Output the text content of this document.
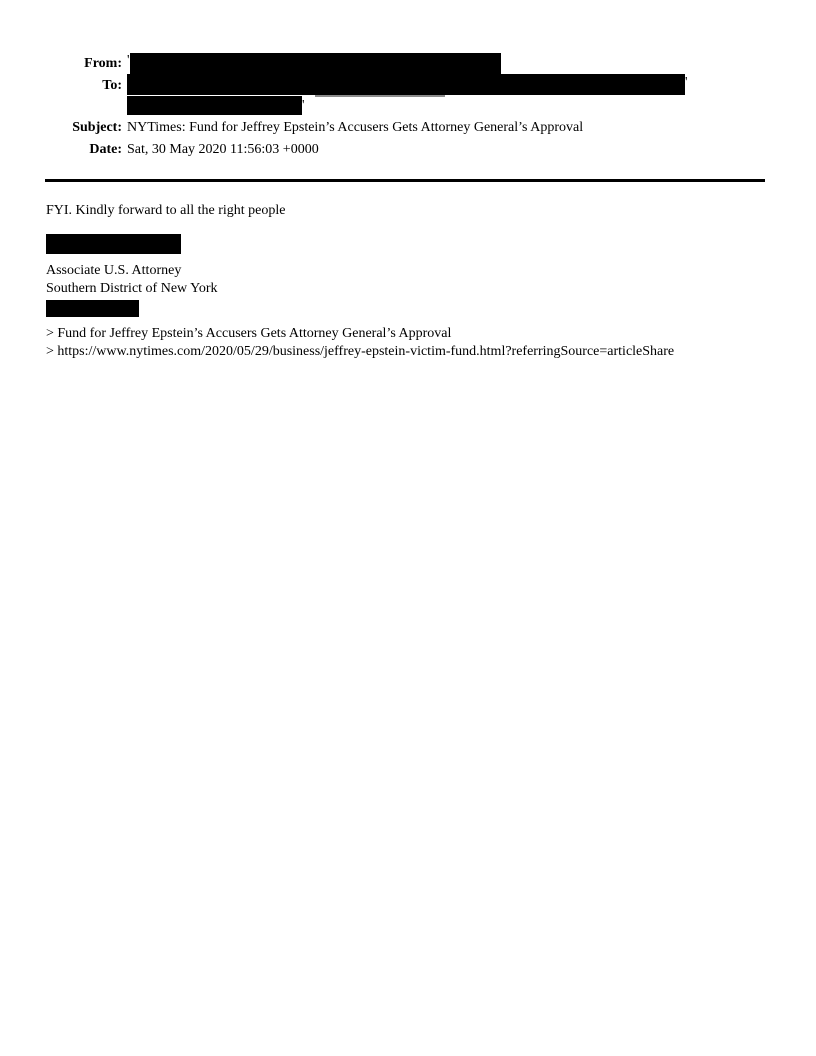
From: '
To:	'
'
Subject: NYTimes: Fund for Jeffrey Epstein’s Accusers Gets Attorney General’s Approval
Date: Sat, 30 May 2020 11:56:03 +0000
FYI. Kindly forward to all the right people
Associate U.S. Attorney
Southern District of New York
> Fund for Jeffrey Epstein’s Accusers Gets Attorney General’s Approval
> https://www.nytimes.com/2020/05/29/business/jeffrey-epstein-victim-fund.html?referringSource=articleShare
